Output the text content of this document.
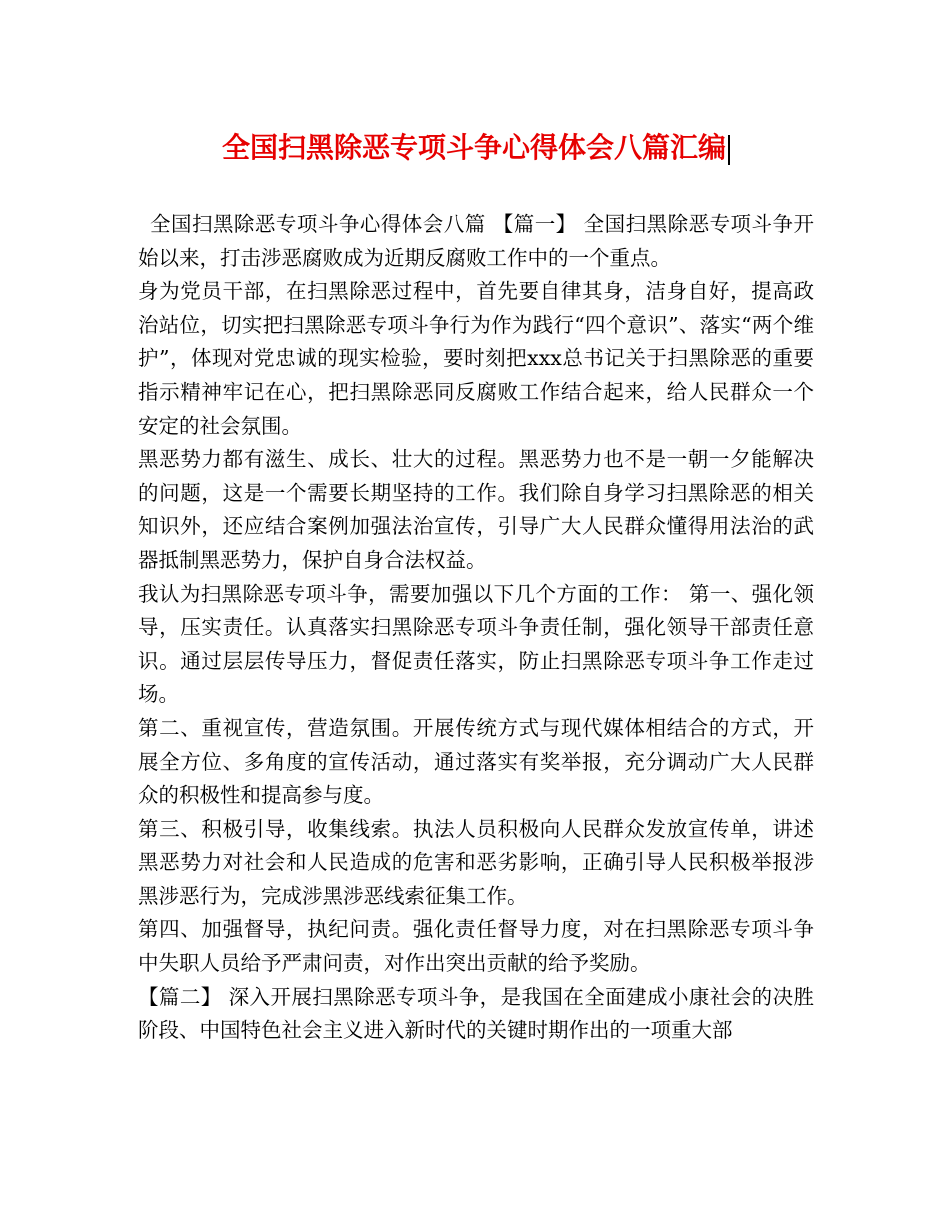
全国扫黑除恶专项斗争心得体会八篇汇编

全国扫黑除恶专项斗争心得体会八篇 【篇一】 全国扫黑除恶专项斗争开始以来，打击涉恶腐败成为近期反腐败工作中的一个重点。

身为党员干部，在扫黑除恶过程中，首先要自律其身，洁身自好，提高政治站位，切实把扫黑除恶专项斗争行为作为践行“四个意识”、落实“两个维护”，体现对党忠诚的现实检验，要时刻把xxx总书记关于扫黑除恶的重要指示精神牢记在心，把扫黑除恶同反腐败工作结合起来，给人民群众一个安定的社会氛围。

黑恶势力都有滋生、成长、壮大的过程。黑恶势力也不是一朝一夕能解决的问题，这是一个需要长期坚持的工作。我们除自身学习扫黑除恶的相关知识外，还应结合案例加强法治宣传，引导广大人民群众懂得用法治的武器抵制黑恶势力，保护自身合法权益。

我认为扫黑除恶专项斗争，需要加强以下几个方面的工作： 第一、强化领导，压实责任。认真落实扫黑除恶专项斗争责任制，强化领导干部责任意识。通过层层传导压力，督促责任落实，防止扫黑除恶专项斗争工作走过场。

第二、重视宣传，营造氛围。开展传统方式与现代媒体相结合的方式，开展全方位、多角度的宣传活动，通过落实有奖举报，充分调动广大人民群众的积极性和提高参与度。

第三、积极引导，收集线索。执法人员积极向人民群众发放宣传单，讲述黑恶势力对社会和人民造成的危害和恶劣影响，正确引导人民积极举报涉黑涉恶行为，完成涉黑涉恶线索征集工作。

第四、加强督导，执纪问责。强化责任督导力度，对在扫黑除恶专项斗争中失职人员给予严肃问责，对作出突出贡献的给予奖励。

【篇二】 深入开展扫黑除恶专项斗争，是我国在全面建成小康社会的决胜阶段、中国特色社会主义进入新时代的关键时期作出的一项重大部
